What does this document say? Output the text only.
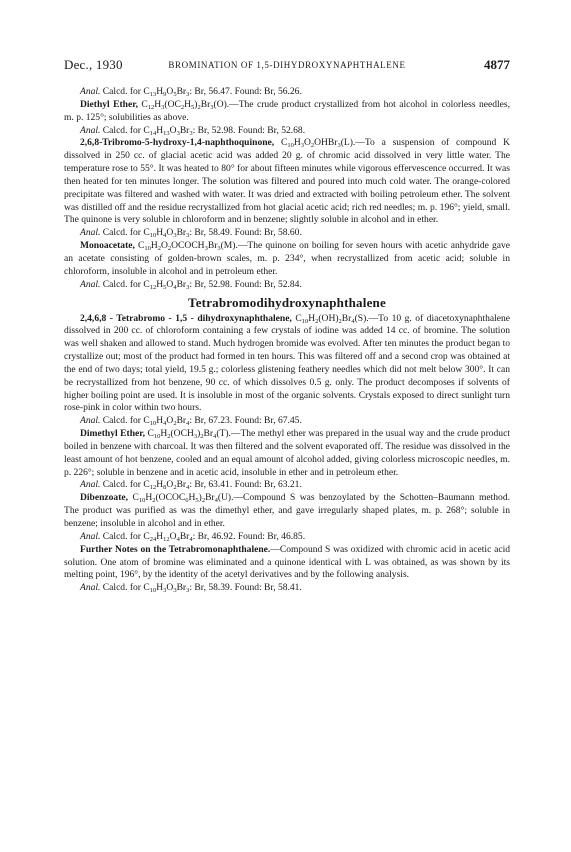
Dec., 1930	BROMINATION OF 1,5-DIHYDROXYNAPHTHALENE	4877

Anal. Calcd. for $C_{13}H_9O_5Br_3$: Br, 56.47. Found: Br, 56.26.

Diethyl Ether, $C_{12}H_3(OC_2H_5)_2Br_3(O).—The$ crude product crystallized from hot alcohol in colorless needles, m. p. 125°; solubilities as above.

Anal. Calcd. for $C_{14}H_{13}O_3Br_3$: Br, 52.98. Found: Br, 52.68.

2,6,8-Tribromo-5-hydroxy-1,4-naphthoquinone, $C_{10}H_3O_2OHBr_3(L).—To$ a suspension of compound K dissolved in 250 cc. of glacial acetic acid was added 20 g. of chromic acid dissolved in very little water. The temperature rose to 55°. It was heated to 80° for about fifteen minutes while vigorous effervescence occurred. It was then heated for ten minutes longer. The solution was filtered and poured into much cold water. The orange-colored precipitate was filtered and washed with water. It was dried and extracted with boiling petroleum ether. The solvent was distilled off and the residue recrystallized from hot glacial acetic acid; rich red needles; m. p. 196°; yield, small. The quinone is very soluble in chloroform and in benzene; slightly soluble in alcohol and in ether.

Anal. Calcd. for $C_{10}H_4O_3Br_3$: Br, 58.49. Found: Br, 58.60.

Monoacetate, $C_{10}H_2O_2OCOCH_3Br_3(M).—The$ quinone on boiling for seven hours with acetic anhydride gave an acetate consisting of golden-brown scales, m. p. 234°, when recrystallized from acetic acid; soluble in chloroform, insoluble in alcohol and in petroleum ether.

Anal. Calcd. for $C_{12}H_5O_4Br_3$: Br, 52.98. Found: Br, 52.84.

Tetrabromodihydroxynaphthalene

2,4,6,8 - Tetrabromo - 1,5 - dihydroxynaphthalene, $C_{10}H_2(OH)_2Br_4(S).—To$ 10 g. of diacetoxynaphthalene dissolved in 200 cc. of chloroform containing a few crystals of iodine was added 14 cc. of bromine. The solution was well shaken and allowed to stand. Much hydrogen bromide was evolved. After ten minutes the product began to crystallize out; most of the product had formed in ten hours. This was filtered off and a second crop was obtained at the end of two days; total yield, 19.5 g.; colorless glistening feathery needles which did not melt below 300°. It can be recrystallized from hot benzene, 90 cc. of which dissolves 0.5 g. only. The product decomposes if solvents of higher boiling point are used. It is insoluble in most of the organic solvents. Crystals exposed to direct sunlight turn rose-pink in color within two hours.

Anal. Calcd. for $C_{10}H_4O_2Br_4$: Br, 67.23. Found: Br, 67.45.

Dimethyl Ether, $C_{10}H_2(OCH_3)_2Br_4(T).—The$ methyl ether was prepared in the usual way and the crude product boiled in benzene with charcoal. It was then filtered and the solvent evaporated off. The residue was dissolved in the least amount of hot benzene, cooled and an equal amount of alcohol added, giving colorless microscopic needles, m. p. 226°; soluble in benzene and in acetic acid, insoluble in ether and in petroleum ether.

Anal. Calcd. for $C_{12}H_8O_2Br_4$: Br, 63.41. Found: Br, 63.21.

Dibenzoate, $C_{10}H_2(OCOC_6H_5)_2Br_4(U).—Compound$ S was benzoylated by the Schotten–Baumann method. The product was purified as was the dimethyl ether, and gave irregularly shaped plates, m. p. 268°; soluble in benzene; insoluble in alcohol and in ether.

Anal. Calcd. for $C_{24}H_{12}O_4Br_4$: Br, 46.92. Found: Br, 46.85.

Further Notes on the Tetrabromonaphthalene.—Compound S was oxidized with chromic acid in acetic acid solution. One atom of bromine was eliminated and a quinone identical with L was obtained, as was shown by its melting point, 196°, by the identity of the acetyl derivatives and by the following analysis.

Anal. Calcd. for $C_{10}H_3O_3Br_3$: Br, 58.39. Found: Br, 58.41.
